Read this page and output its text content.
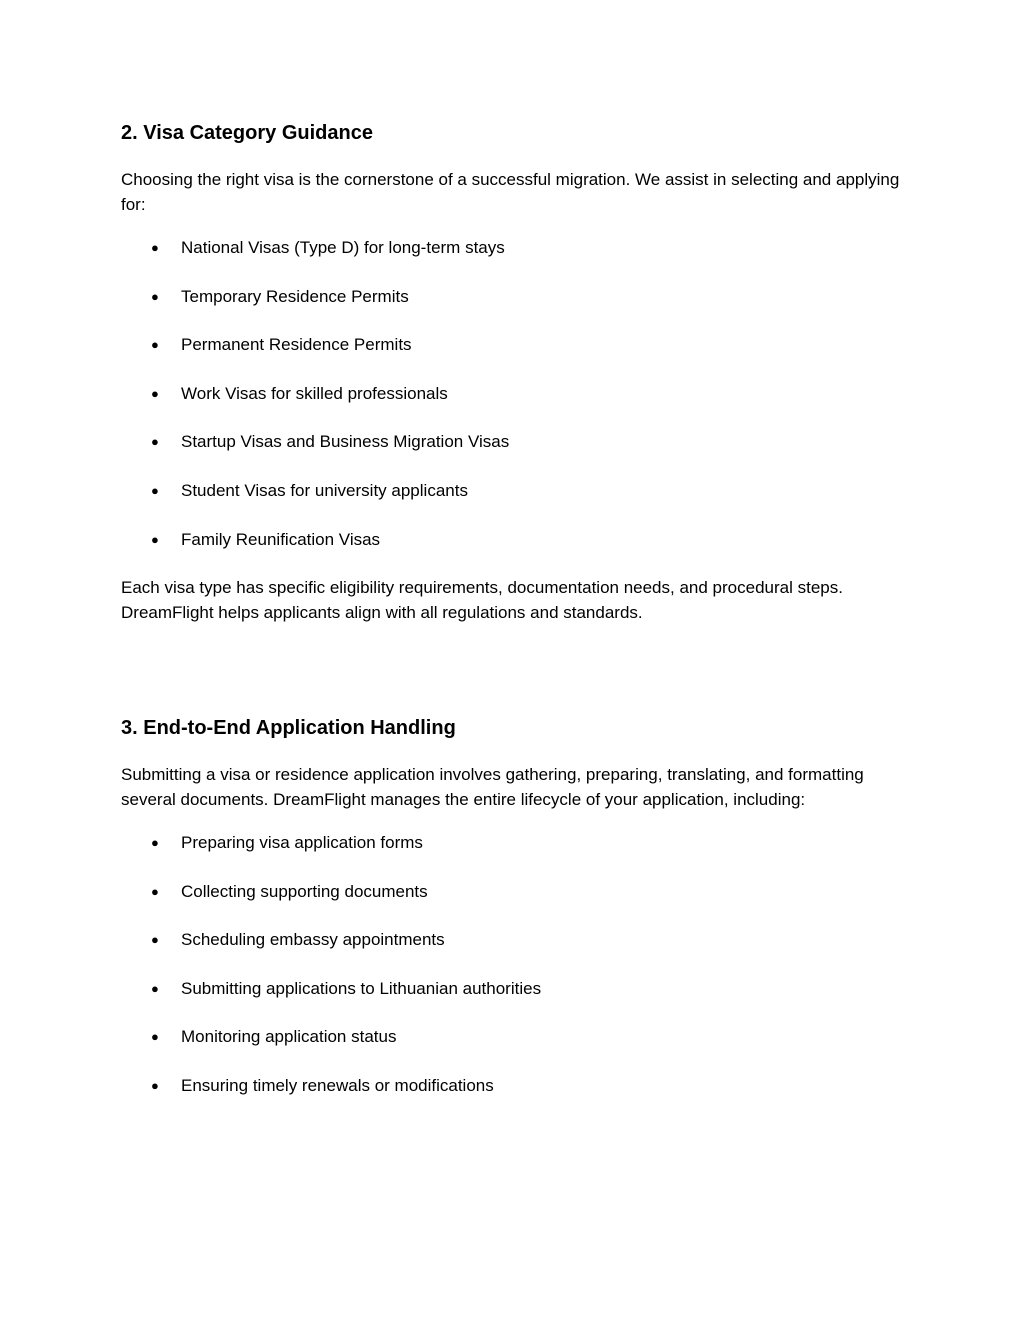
2. Visa Category Guidance

Choosing the right visa is the cornerstone of a successful migration. We assist in selecting and applying for:

● National Visas (Type D) for long-term stays
● Temporary Residence Permits
● Permanent Residence Permits
● Work Visas for skilled professionals
● Startup Visas and Business Migration Visas
● Student Visas for university applicants
● Family Reunification Visas

Each visa type has specific eligibility requirements, documentation needs, and procedural steps. DreamFlight helps applicants align with all regulations and standards.

3. End-to-End Application Handling

Submitting a visa or residence application involves gathering, preparing, translating, and formatting several documents. DreamFlight manages the entire lifecycle of your application, including:

● Preparing visa application forms
● Collecting supporting documents
● Scheduling embassy appointments
● Submitting applications to Lithuanian authorities
● Monitoring application status
● Ensuring timely renewals or modifications
